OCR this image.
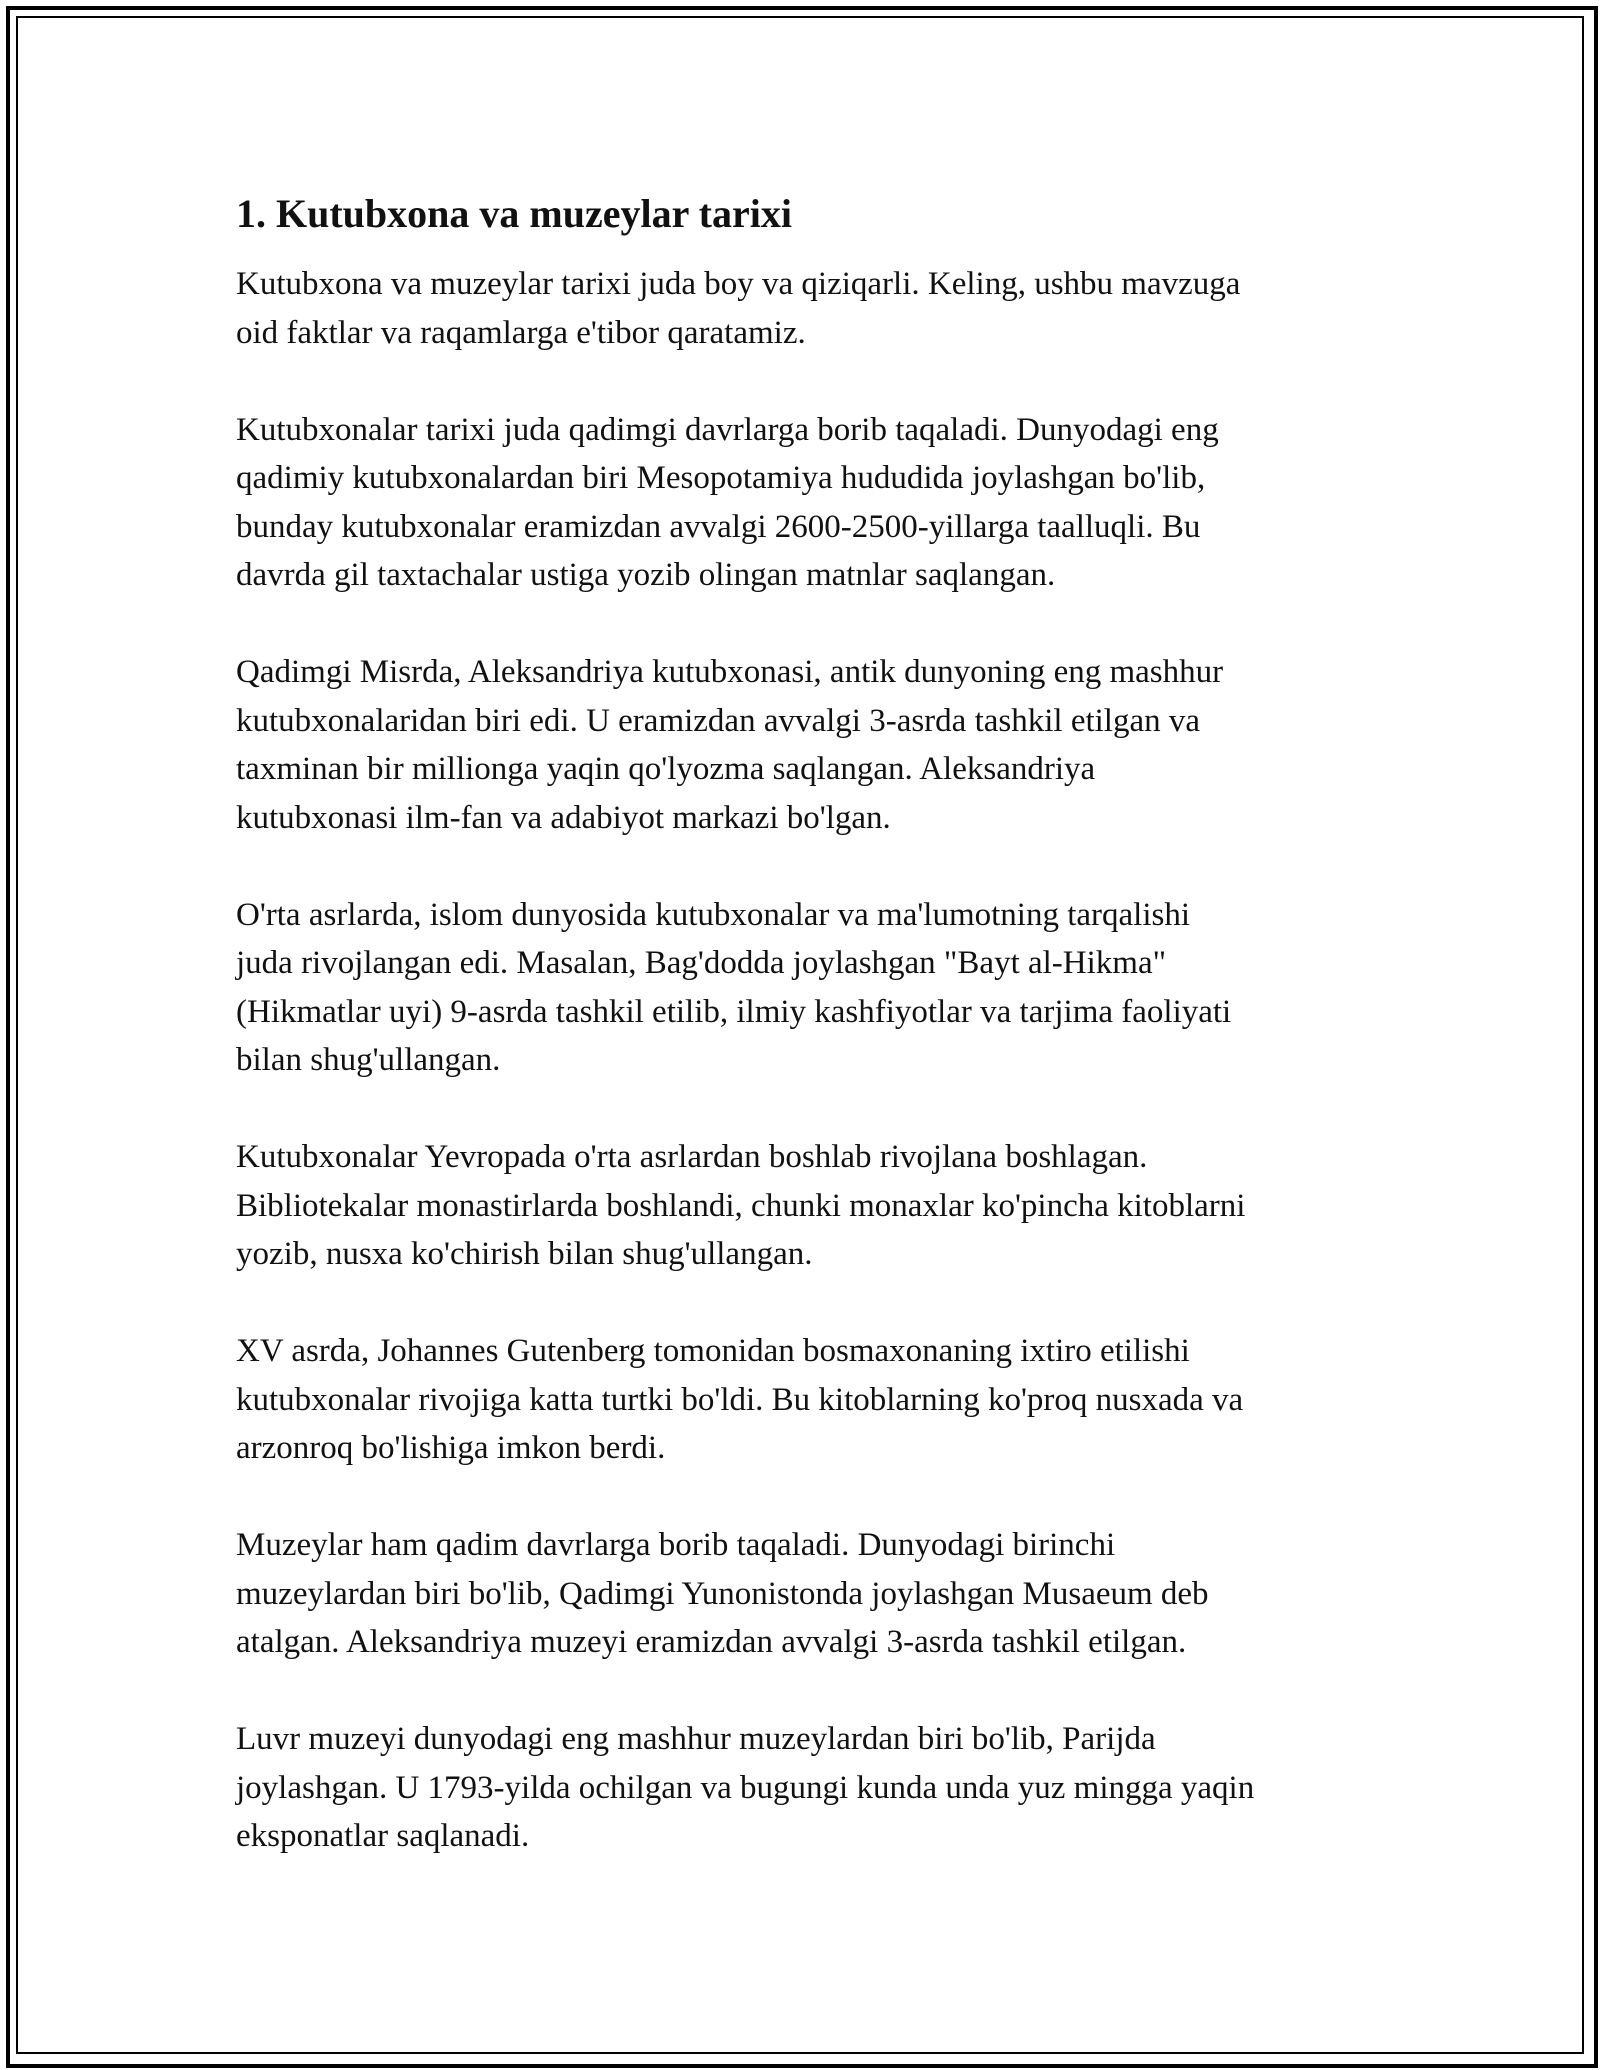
1. Kutubxona va muzeylar tarixi

Kutubxona va muzeylar tarixi juda boy va qiziqarli. Keling, ushbu mavzuga
oid faktlar va raqamlarga e'tibor qaratamiz.

Kutubxonalar tarixi juda qadimgi davrlarga borib taqaladi. Dunyodagi eng
qadimiy kutubxonalardan biri Mesopotamiya hududida joylashgan bo'lib,
bunday kutubxonalar eramizdan avvalgi 2600-2500-yillarga taalluqli. Bu
davrda gil taxtachalar ustiga yozib olingan matnlar saqlangan.

Qadimgi Misrda, Aleksandriya kutubxonasi, antik dunyoning eng mashhur
kutubxonalaridan biri edi. U eramizdan avvalgi 3-asrda tashkil etilgan va
taxminan bir millionga yaqin qo'lyozma saqlangan. Aleksandriya
kutubxonasi ilm-fan va adabiyot markazi bo'lgan.

O'rta asrlarda, islom dunyosida kutubxonalar va ma'lumotning tarqalishi
juda rivojlangan edi. Masalan, Bag'dodda joylashgan "Bayt al-Hikma"
(Hikmatlar uyi) 9-asrda tashkil etilib, ilmiy kashfiyotlar va tarjima faoliyati
bilan shug'ullangan.

Kutubxonalar Yevropada o'rta asrlardan boshlab rivojlana boshlagan.
Bibliotekalar monastirlarda boshlandi, chunki monaxlar ko'pincha kitoblarni
yozib, nusxa ko'chirish bilan shug'ullangan.

XV asrda, Johannes Gutenberg tomonidan bosmaxonaning ixtiro etilishi
kutubxonalar rivojiga katta turtki bo'ldi. Bu kitoblarning ko'proq nusxada va
arzonroq bo'lishiga imkon berdi.

Muzeylar ham qadim davrlarga borib taqaladi. Dunyodagi birinchi
muzeylardan biri bo'lib, Qadimgi Yunonistonda joylashgan Musaeum deb
atalgan. Aleksandriya muzeyi eramizdan avvalgi 3-asrda tashkil etilgan.

Luvr muzeyi dunyodagi eng mashhur muzeylardan biri bo'lib, Parijda
joylashgan. U 1793-yilda ochilgan va bugungi kunda unda yuz mingga yaqin
eksponatlar saqlanadi.
